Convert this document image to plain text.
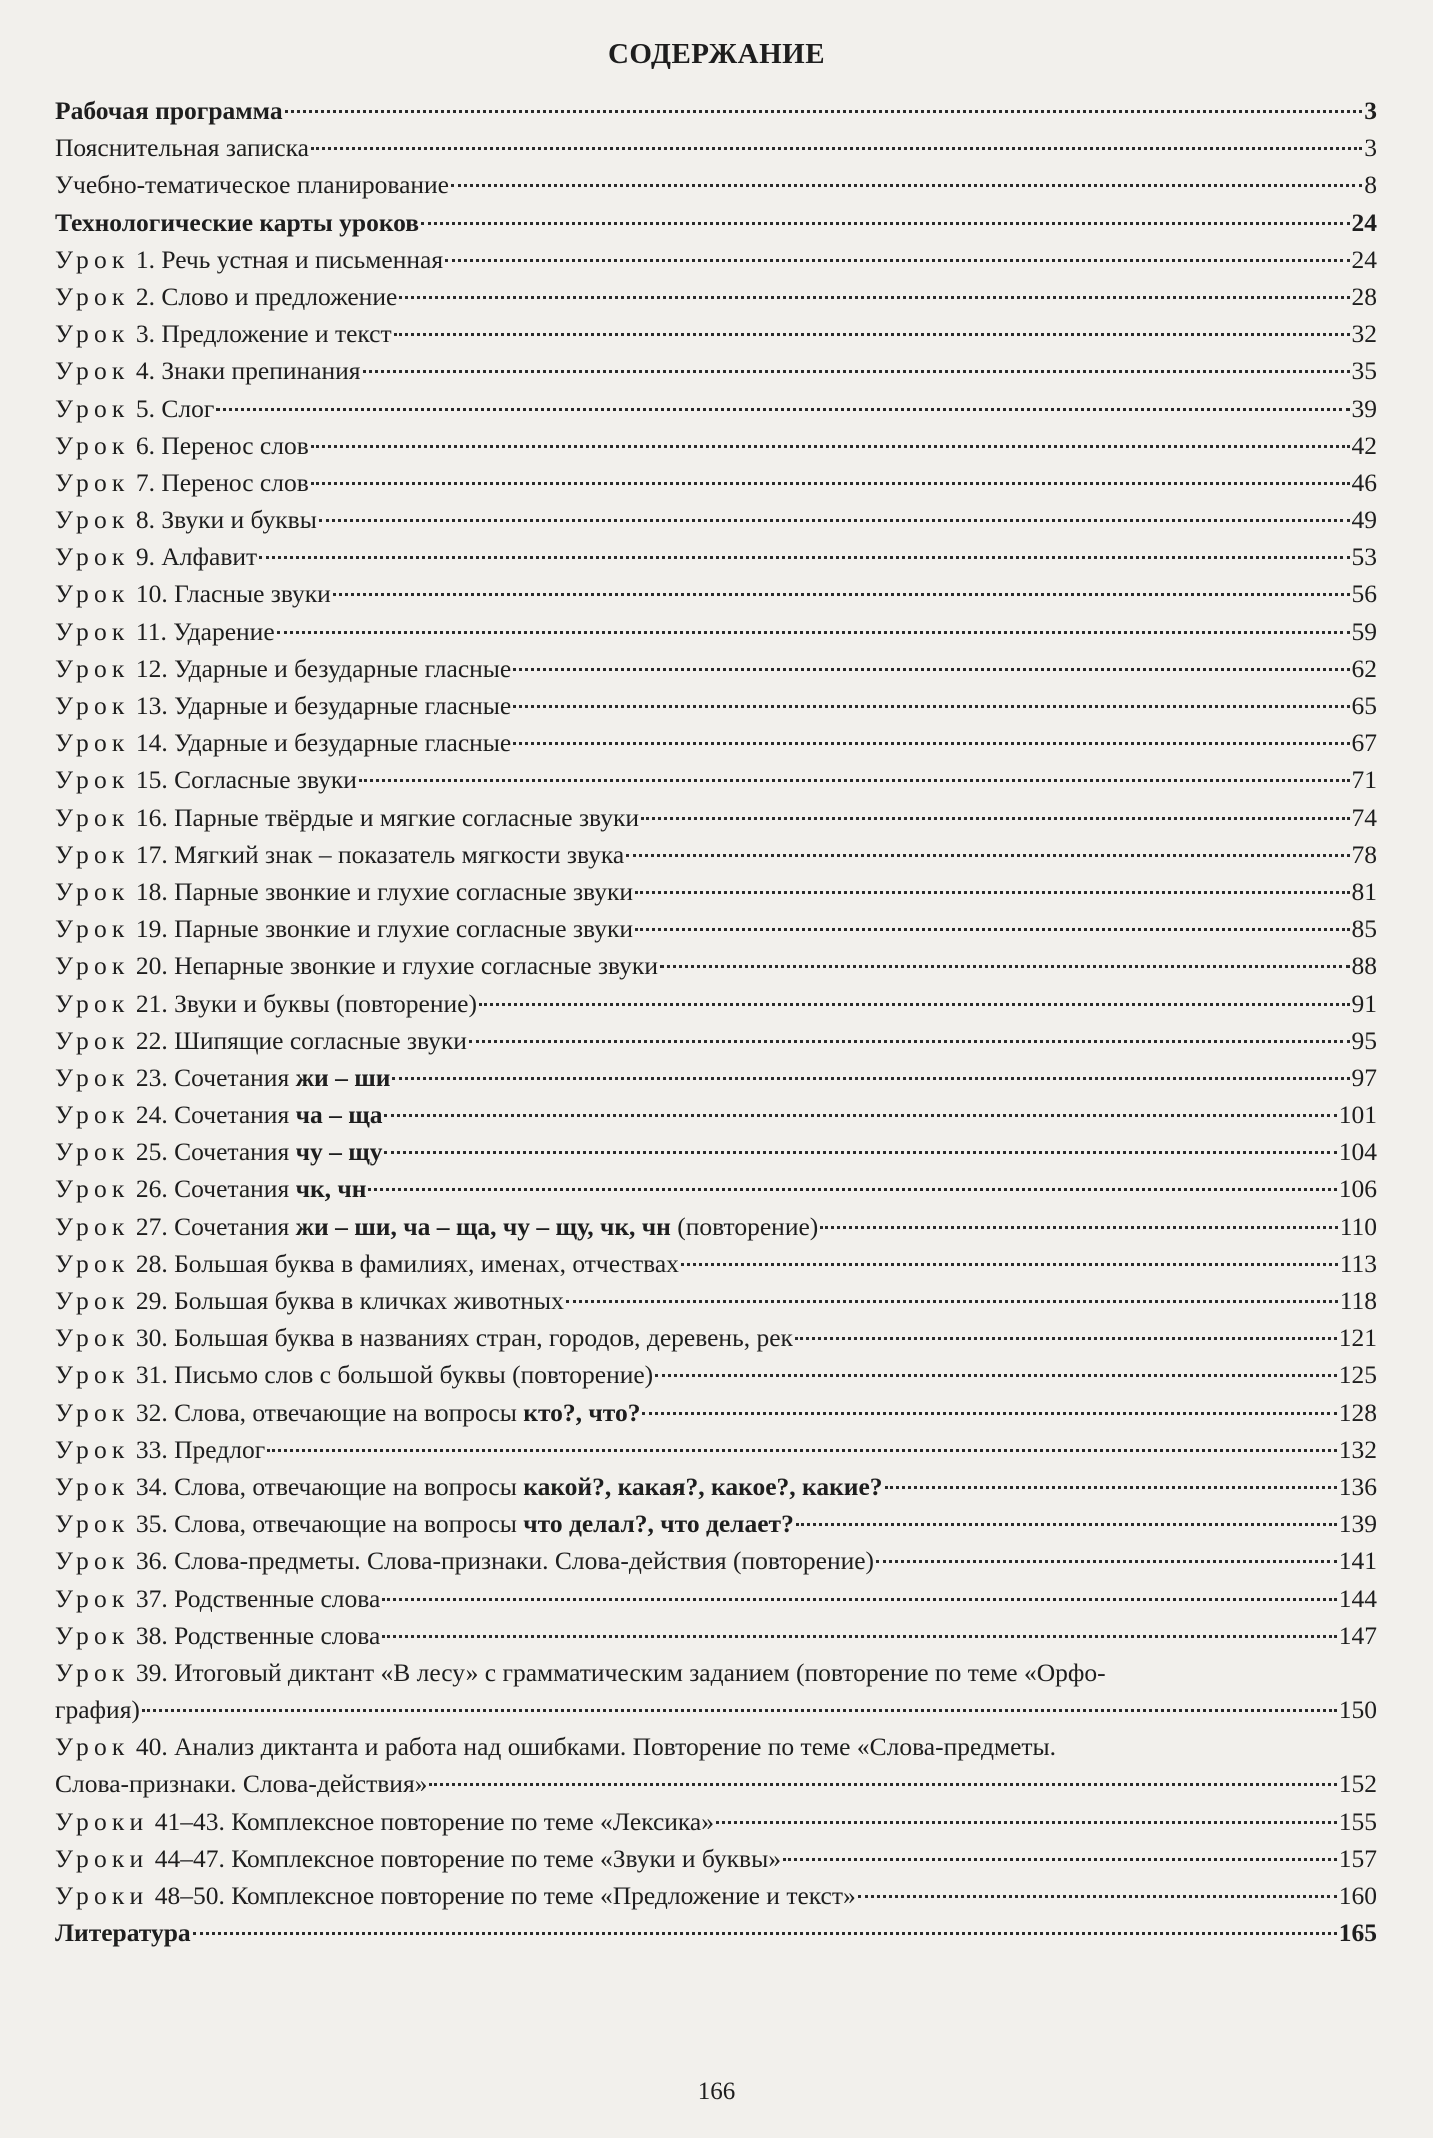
СОДЕРЖАНИЕ
Рабочая программа	3
Пояснительная записка	3
Учебно-тематическое планирование	8
Технологические карты уроков	24
Урок 1. Речь устная и письменная	24
Урок 2. Слово и предложение	28
Урок 3. Предложение и текст	32
Урок 4. Знаки препинания	35
Урок 5. Слог	39
Урок 6. Перенос слов	42
Урок 7. Перенос слов	46
Урок 8. Звуки и буквы	49
Урок 9. Алфавит	53
Урок 10. Гласные звуки	56
Урок 11. Ударение	59
Урок 12. Ударные и безударные гласные	62
Урок 13. Ударные и безударные гласные	65
Урок 14. Ударные и безударные гласные	67
Урок 15. Согласные звуки	71
Урок 16. Парные твёрдые и мягкие согласные звуки	74
Урок 17. Мягкий знак – показатель мягкости звука	78
Урок 18. Парные звонкие и глухие согласные звуки	81
Урок 19. Парные звонкие и глухие согласные звуки	85
Урок 20. Непарные звонкие и глухие согласные звуки	88
Урок 21. Звуки и буквы (повторение)	91
Урок 22. Шипящие согласные звуки	95
Урок 23. Сочетания жи – ши	97
Урок 24. Сочетания ча – ща	101
Урок 25. Сочетания чу – щу	104
Урок 26. Сочетания чк, чн	106
Урок 27. Сочетания жи – ши, ча – ща, чу – щу, чк, чн (повторение)	110
Урок 28. Большая буква в фамилиях, именах, отчествах	113
Урок 29. Большая буква в кличках животных	118
Урок 30. Большая буква в названиях стран, городов, деревень, рек	121
Урок 31. Письмо слов с большой буквы (повторение)	125
Урок 32. Слова, отвечающие на вопросы кто?, что?	128
Урок 33. Предлог	132
Урок 34. Слова, отвечающие на вопросы какой?, какая?, какое?, какие?	136
Урок 35. Слова, отвечающие на вопросы что делал?, что делает?	139
Урок 36. Слова-предметы. Слова-признаки. Слова-действия (повторение)	141
Урок 37. Родственные слова	144
Урок 38. Родственные слова	147
Урок 39. Итоговый диктант «В лесу» с грамматическим заданием (повторение по теме «Орфо-
графия)	150
Урок 40. Анализ диктанта и работа над ошибками. Повторение по теме «Слова-предметы.
Слова-признаки. Слова-действия»	152
Уроки 41–43. Комплексное повторение по теме «Лексика»	155
Уроки 44–47. Комплексное повторение по теме «Звуки и буквы»	157
Уроки 48–50. Комплексное повторение по теме «Предложение и текст»	160
Литература	165
166
